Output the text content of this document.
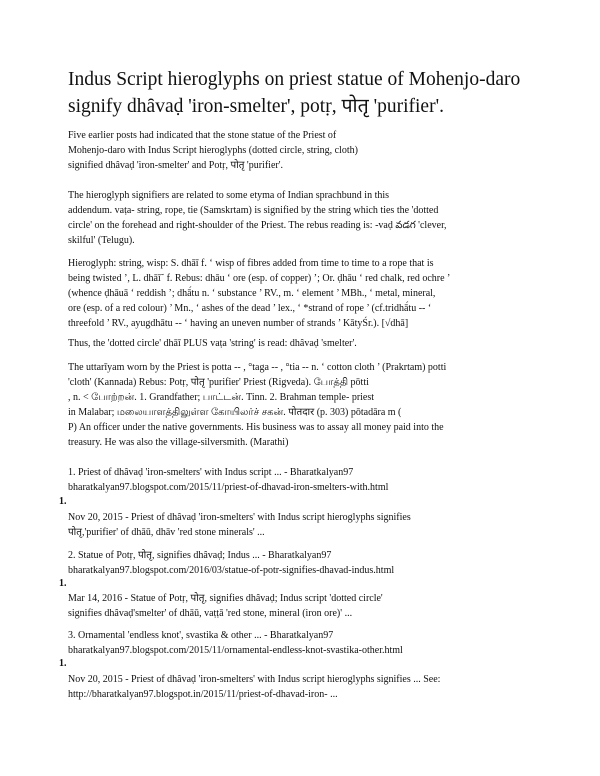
Indus Script hieroglyphs on priest statue of Mohenjo-daro
signify dhȃvaḍ 'iron-smelter', potṛ, पोतृ 'purifier'.
Five earlier posts had indicated that the stone statue of the Priest of
Mohenjo-daro with Indus Script hieroglyphs (dotted circle, string, cloth)
signified dhȃvaḍ 'iron-smelter' and Potṛ, पोतृ 'purifier'.
The hieroglyph signifiers are related to some etyma of Indian sprachbund in this
addendum. vaṭa- string, rope, tie (Samskrtam) is signified by the string which ties the 'dotted
circle' on the forehead and right-shoulder of the Priest. The rebus reading is: -vaḍ వడగ 'clever,
skilful' (Telugu).
Hieroglyph: string, wisp: S. dhāī f. ‘ wisp of fibres added from time to time to a rope that is
being twisted ’, L. dhāī˜ f. Rebus: dhāu ‘ ore (esp. of copper) ’; Or. ḍhāu ‘ red chalk, red ochre ’
(whence ḍhāuā ‘ reddish ’; dhā́tu n. ‘ substance ’ RV., m. ‘ element ’ MBh., ‘ metal, mineral,
ore (esp. of a red colour) ’ Mn., ‘ ashes of the dead ’ lex., ‘ *strand of rope ’ (cf.tridhā́tu -- ‘
threefold ’ RV., ayugdhātu -- ‘ having an uneven number of strands ’ KātyŚr.). [√dhā]
Thus, the 'dotted circle' dhāī PLUS vaṭa 'string' is read: dhȃvaḍ 'smelter'.
The uttarīyam worn by the Priest is potta -- , °taga -- , °tia -- n. ‘ cotton cloth ’ (Prakrtam) potti
'cloth' (Kannada) Rebus: Potṛ, पोतृ 'purifier' Priest (Rigveda). போத்தி pōtti
, n. < போற்றன். 1. Grandfather; பாட்டன். Tinn. 2. Brahman temple- priest
in Malabar; மலையாளத்திலுள்ள கோயிலர்ச் சகன். पोतदार (p. 303) pōtadāra m (
P) An officer under the native governments. His business was to assay all money paid into the
treasury. He was also the village-silversmith. (Marathi)
1. Priest of dhȃvaḍ 'iron-smelters' with Indus script ... - Bharatkalyan97
bharatkalyan97.blogspot.com/2015/11/priest-of-dhavad-iron-smelters-with.html
1.
Nov 20, 2015 - Priest of dhȃvaḍ 'iron-smelters' with Indus script hieroglyphs signifies
पोतृ,'purifier' of dhāū, dhāv 'red stone minerals' ...
2. Statue of Potṛ, पोतृ, signifies dhȃvaḍ; Indus ... - Bharatkalyan97
bharatkalyan97.blogspot.com/2016/03/statue-of-potr-signifies-dhavad-indus.html
1.
Mar 14, 2016 - Statue of Potṛ, पोतृ, signifies dhȃvaḍ; Indus script 'dotted circle'
signifies dhȃvaḍ'smelter' of dhāū, vaṭṭā 'red stone, mineral (iron ore)' ...
3. Ornamental 'endless knot', svastika & other ... - Bharatkalyan97
bharatkalyan97.blogspot.com/2015/11/ornamental-endless-knot-svastika-other.html
1.
Nov 20, 2015 - Priest of dhȃvaḍ 'iron-smelters' with Indus script hieroglyphs signifies ... See:
http://bharatkalyan97.blogspot.in/2015/11/priest-of-dhavad-iron- ...
